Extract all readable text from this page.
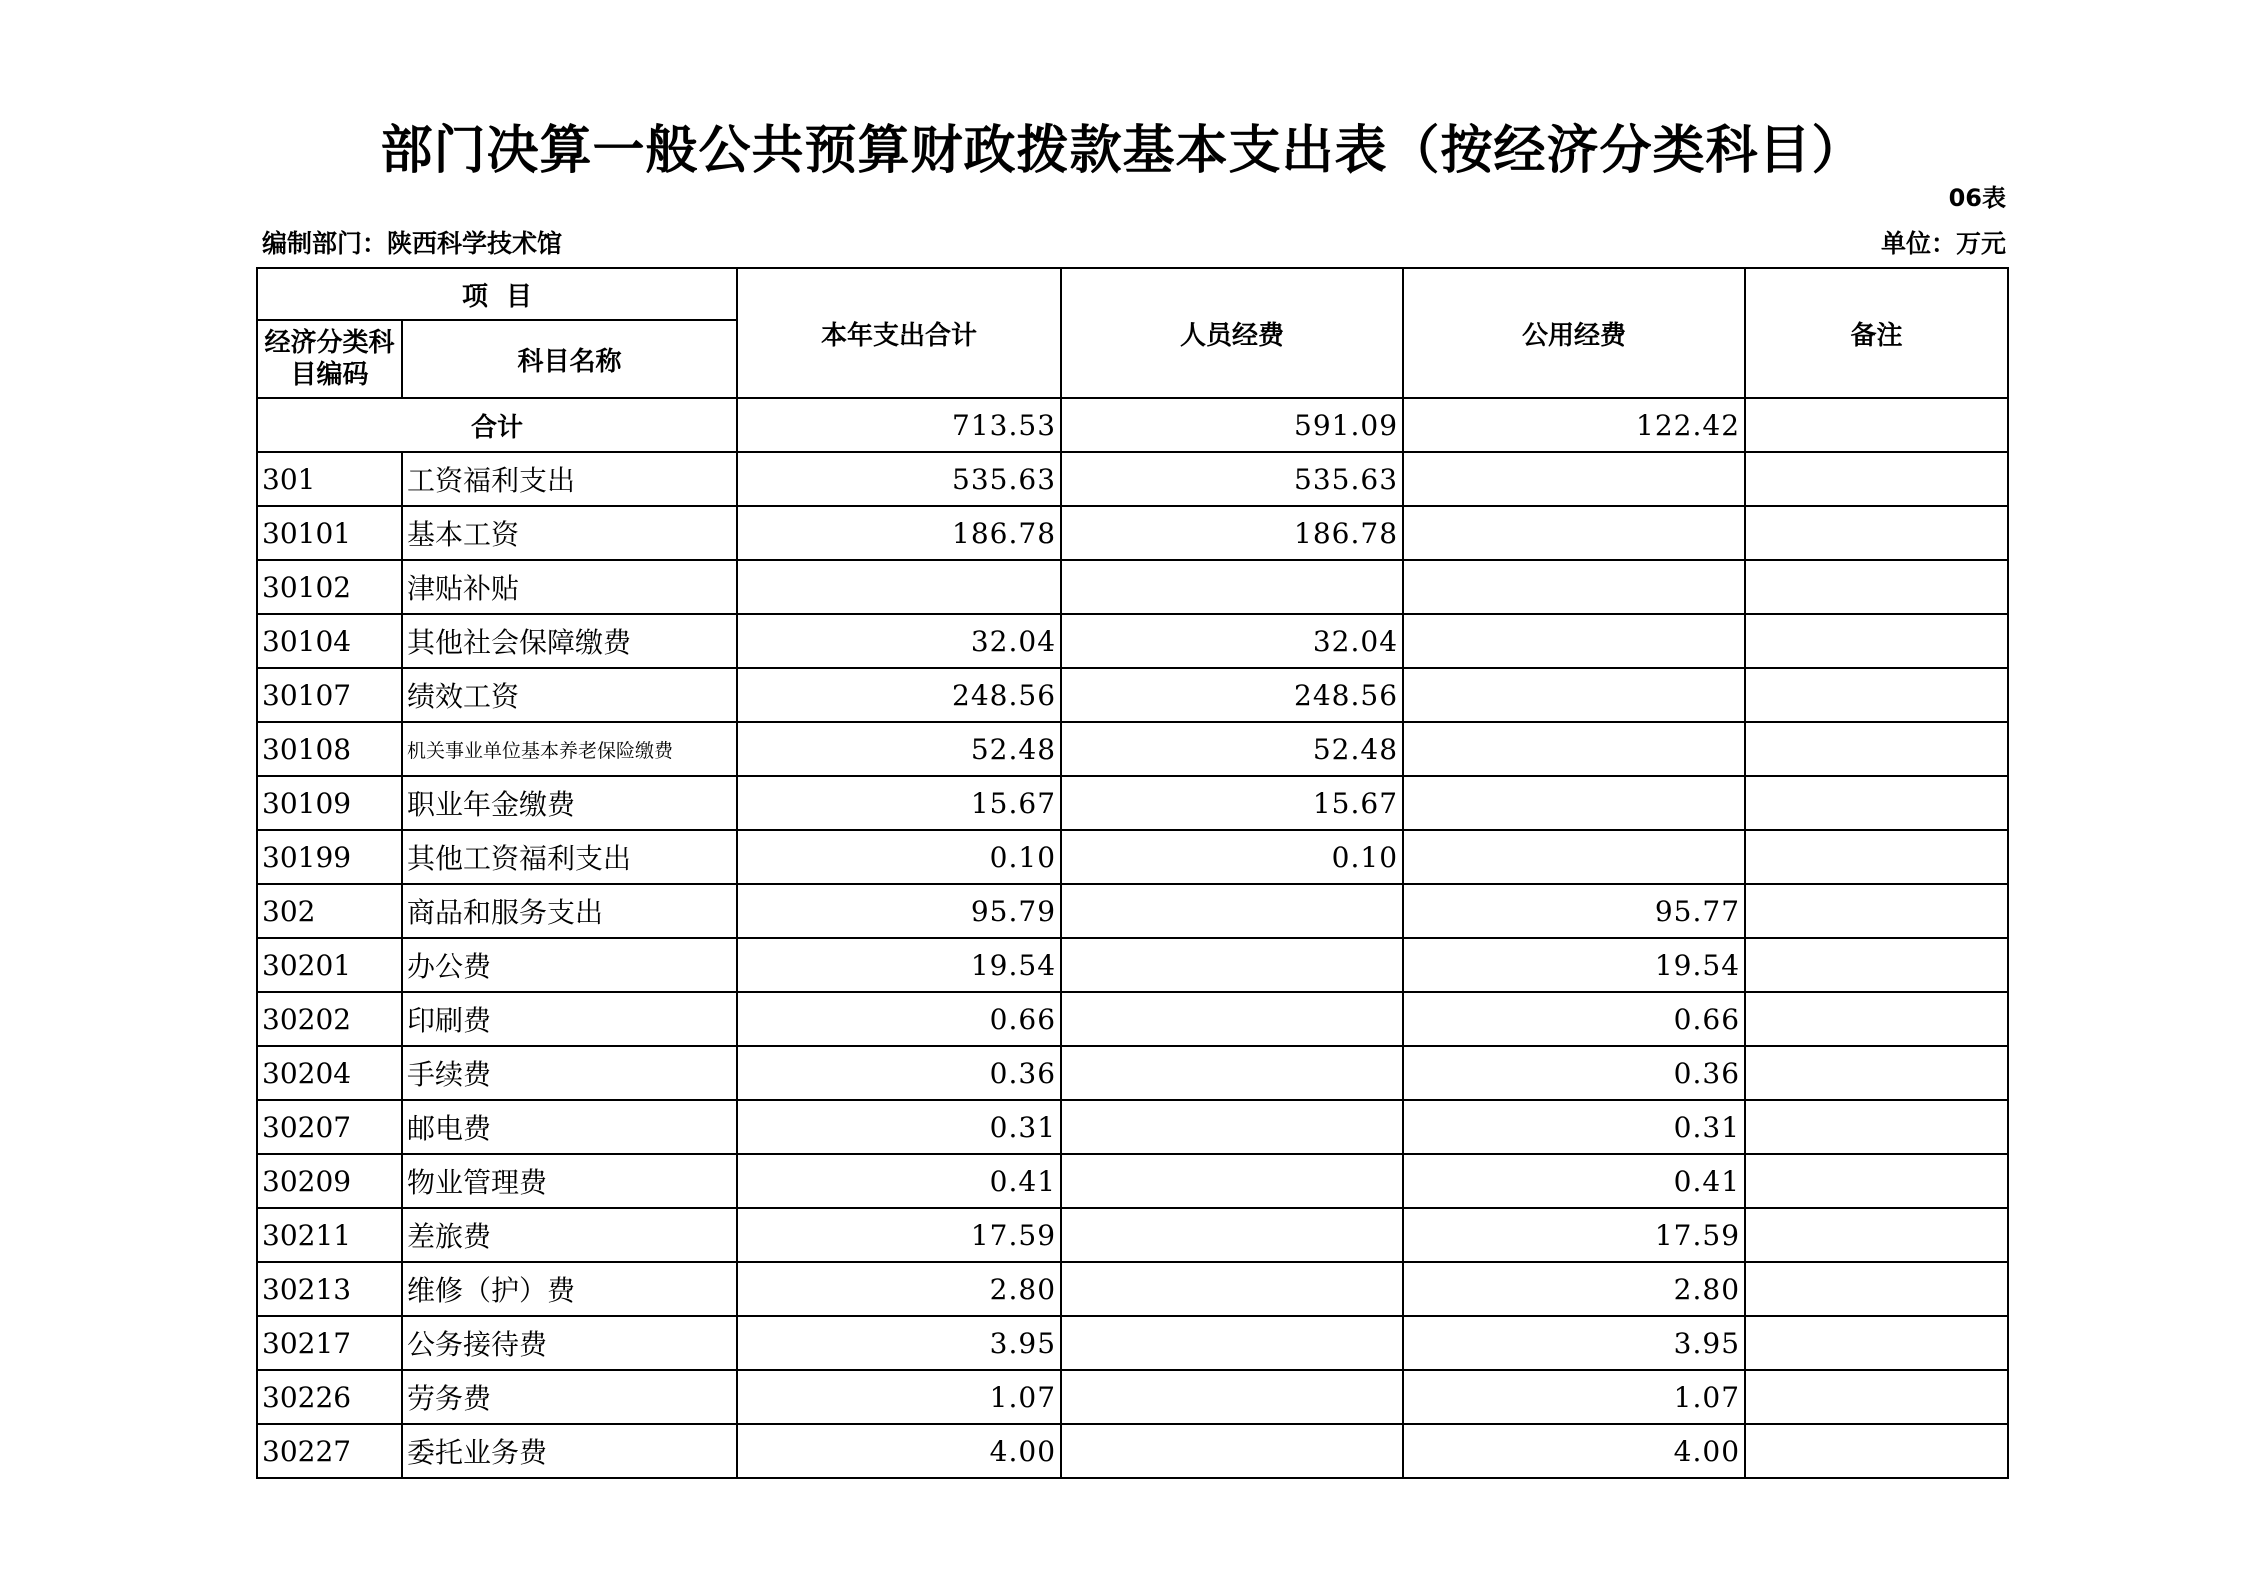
部门决算一般公共预算财政拨款基本支出表（按经济分类科目）
06表
编制部门：陕西科学技术馆	单位：万元
项  目		本年支出合计	人员经费	公用经费	备注
经济分类科目编码	科目名称				
合计		713.53	591.09	122.42	
301	工资福利支出	535.63	535.63		
30101	基本工资	186.78	186.78		
30102	津贴补贴				
30104	其他社会保障缴费	32.04	32.04		
30107	绩效工资	248.56	248.56		
30108	机关事业单位基本养老保险缴费	52.48	52.48		
30109	职业年金缴费	15.67	15.67		
30199	其他工资福利支出	0.10	0.10		
302	商品和服务支出	95.79		95.77	
30201	办公费	19.54		19.54	
30202	印刷费	0.66		0.66	
30204	手续费	0.36		0.36	
30207	邮电费	0.31		0.31	
30209	物业管理费	0.41		0.41	
30211	差旅费	17.59		17.59	
30213	维修（护）费	2.80		2.80	
30217	公务接待费	3.95		3.95	
30226	劳务费	1.07		1.07	
30227	委托业务费	4.00		4.00	
